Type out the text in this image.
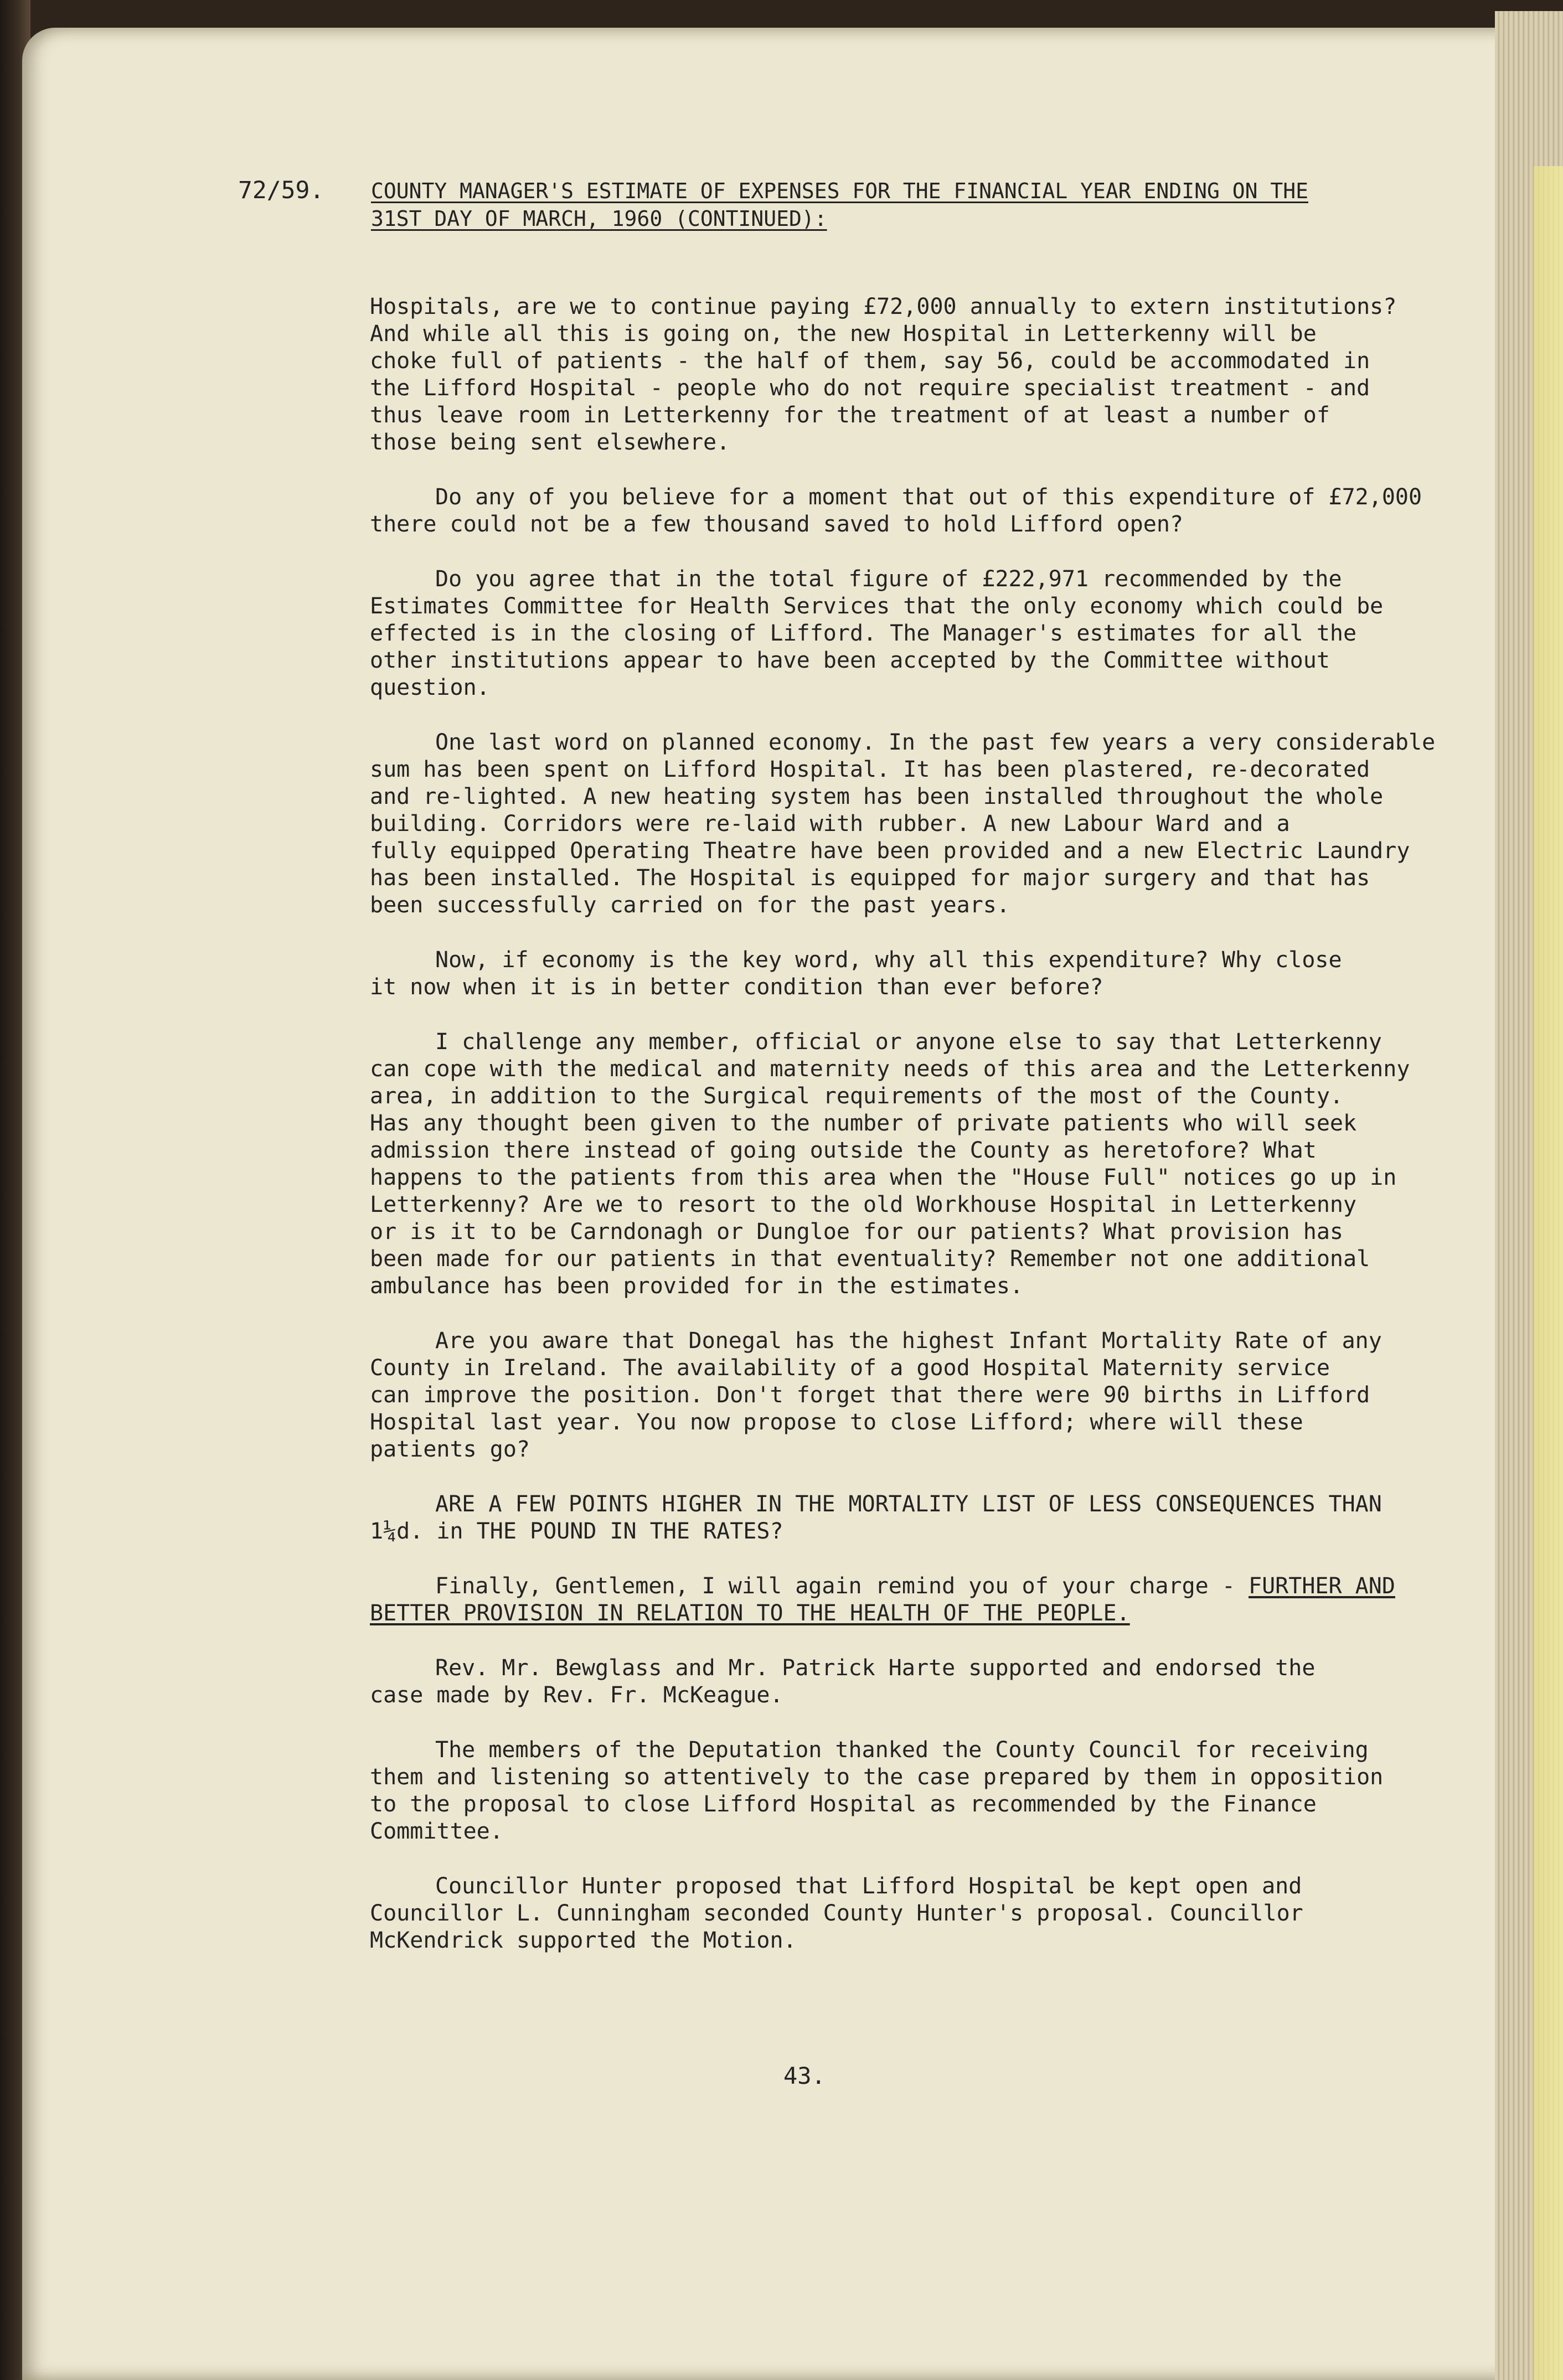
72/59. COUNTY MANAGER'S ESTIMATE OF EXPENSES FOR THE FINANCIAL YEAR ENDING ON THE
31ST DAY OF MARCH, 1960 (CONTINUED):

Hospitals, are we to continue paying £72,000 annually to extern institutions?
And while all this is going on, the new Hospital in Letterkenny will be
choke full of patients - the half of them, say 56, could be accommodated in
the Lifford Hospital - people who do not require specialist treatment - and
thus leave room in Letterkenny for the treatment of at least a number of
those being sent elsewhere.

Do any of you believe for a moment that out of this expenditure of £72,000
there could not be a few thousand saved to hold Lifford open?

Do you agree that in the total figure of £222,971 recommended by the
Estimates Committee for Health Services that the only economy which could be
effected is in the closing of Lifford. The Manager's estimates for all the
other institutions appear to have been accepted by the Committee without
question.

One last word on planned economy. In the past few years a very considerable
sum has been spent on Lifford Hospital. It has been plastered, re-decorated
and re-lighted. A new heating system has been installed throughout the whole
building. Corridors were re-laid with rubber. A new Labour Ward and a
fully equipped Operating Theatre have been provided and a new Electric Laundry
has been installed. The Hospital is equipped for major surgery and that has
been successfully carried on for the past years.

Now, if economy is the key word, why all this expenditure? Why close
it now when it is in better condition than ever before?

I challenge any member, official or anyone else to say that Letterkenny
can cope with the medical and maternity needs of this area and the Letterkenny
area, in addition to the Surgical requirements of the most of the County.
Has any thought been given to the number of private patients who will seek
admission there instead of going outside the County as heretofore? What
happens to the patients from this area when the "House Full" notices go up in
Letterkenny? Are we to resort to the old Workhouse Hospital in Letterkenny
or is it to be Carndonagh or Dungloe for our patients? What provision has
been made for our patients in that eventuality? Remember not one additional
ambulance has been provided for in the estimates.

Are you aware that Donegal has the highest Infant Mortality Rate of any
County in Ireland. The availability of a good Hospital Maternity service
can improve the position. Don't forget that there were 90 births in Lifford
Hospital last year. You now propose to close Lifford; where will these
patients go?

ARE A FEW POINTS HIGHER IN THE MORTALITY LIST OF LESS CONSEQUENCES THAN
1¼d. in THE POUND IN THE RATES?

Finally, Gentlemen, I will again remind you of your charge - FURTHER AND
BETTER PROVISION IN RELATION TO THE HEALTH OF THE PEOPLE.

Rev. Mr. Bewglass and Mr. Patrick Harte supported and endorsed the
case made by Rev. Fr. McKeague.

The members of the Deputation thanked the County Council for receiving
them and listening so attentively to the case prepared by them in opposition
to the proposal to close Lifford Hospital as recommended by the Finance
Committee.

Councillor Hunter proposed that Lifford Hospital be kept open and
Councillor L. Cunningham seconded County Hunter's proposal. Councillor
McKendrick supported the Motion.

43.
